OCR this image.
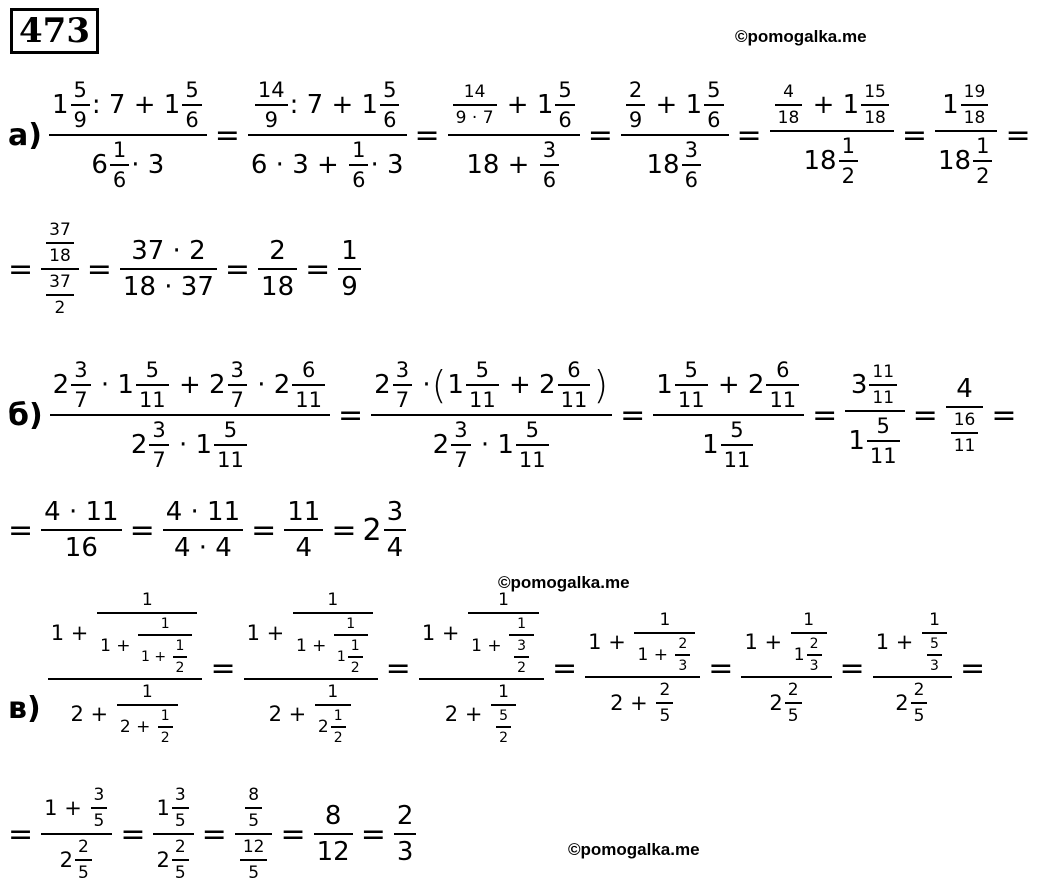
473	©pomogalka.me
а) $1 \frac{5}{9}$ : 7
+
$1 \frac{5}{6}$
$6 \frac{1}{6} \cdot 3 = \frac{14}{9}$ : 7
+
$1 \frac{5}{6}$
6 · 3
+
$\frac{1}{6} \cdot 3 = \frac{14}{9 \cdot 7}$
+
$1 \frac{5}{6}$
18
+
$\frac{3}{6} = \frac{2}{9}$
+
$1 \frac{5}{6}$
$18 \frac{3}{6} = \frac{4}{18}$
+
$1 \frac{15}{18}$
$18 \frac{1}{2} = \frac{1 \frac{19}{18}}{18 \frac{1}{2}}$ =
= $\frac{\frac{37}{18}}{\frac{37}{2}} = \frac{37 \cdot 2}{18 \cdot 37} = \frac{2}{18} = \frac{1}{9}$
б) $2 \frac{3}{7}$
·
$1 \frac{5}{11}$
+
$2 \frac{3}{7}$
·
$2 \frac{6}{11}$
$2 \frac{3}{7}$
·
$1 \frac{5}{11} = 2 \frac{3}{7}$
· ( $1 \frac{5}{11}$
+
$2 \frac{6}{11}$ )
$2 \frac{3}{7}$
·
$1 \frac{5}{11} = 1 \frac{5}{11}$
+
$2 \frac{6}{11}$
$1 \frac{5}{11} = \frac{3 \frac{11}{11}}{1 \frac{5}{11}} = \frac{4}{\frac{16}{11}}$ =
= $\frac{4 \cdot 11}{16} = \frac{4 \cdot 11}{4 \cdot 4} = \frac{11}{4} = 2 \frac{3}{4}$
©pomogalka.me
в) 1
+
1
1
+
1
1
+
$\frac{1}{2}$
2
+
1
2
+
$\frac{1}{2} = 1$
+
1
1
+
$\frac{1}{1 \frac{1}{2}}$
2
+
$\frac{1}{2 \frac{1}{2}} = 1$
+
1
1
+
$\frac{1}{\frac{3}{2}}$
2
+
$\frac{1}{\frac{5}{2}} = 1$
+
1
1
+
$\frac{2}{3}$
2
+
$\frac{2}{5} = 1$
+
$\frac{1}{1 \frac{2}{3}}$
$2 \frac{2}{5} = 1$
+
$\frac{1}{\frac{5}{3}}$
$2 \frac{2}{5}$ =
= 1
+
$\frac{3}{5}$
$2 \frac{2}{5} = \frac{1 \frac{3}{5}}{2 \frac{2}{5}} = \frac{\frac{8}{5}}{\frac{12}{5}} = \frac{8}{12} = \frac{2}{3}$	©pomogalka.me
